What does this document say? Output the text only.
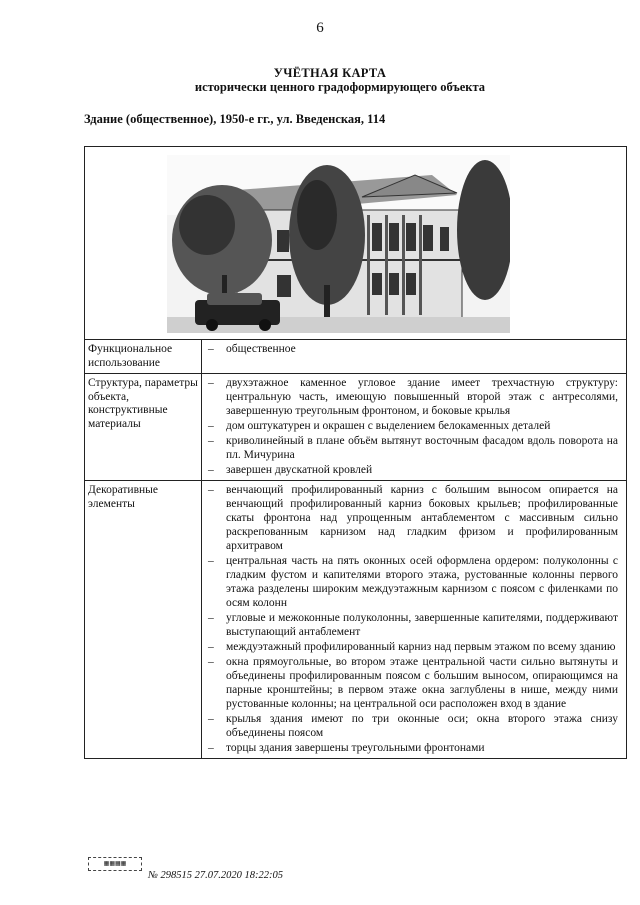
6
УЧЁТНАЯ КАРТА
исторически ценного градоформирующего объекта
Здание (общественное), 1950-е гг., ул. Введенская, 114
Функциональное использование
–	общественное
Структура, параметры объекта, конструктивные материалы
–	двухэтажное каменное угловое здание имеет трехчастную структуру: центральную часть, имеющую повышенный второй этаж с антресолями, завершенную треугольным фронтоном, и боковые крылья
–	дом оштукатурен и окрашен с выделением белокаменных деталей
–	криволинейный в плане объём вытянут восточным фасадом вдоль поворота на пл. Мичурина
–	завершен двускатной кровлей
Декоративные элементы
–	венчающий профилированный карниз с большим выносом опирается на венчающий профилированный карниз боковых крыльев; профилированные скаты фронтона над упрощенным антаблементом с массивным сильно раскрепованным карнизом над гладким фризом и профилированным архитравом
–	центральная часть на пять оконных осей оформлена ордером: полуколонны с гладким фустом и капителями второго этажа, рустованные колонны первого этажа разделены широким междуэтажным карнизом с поясом с филенками по осям колонн
–	угловые и межоконные полуколонны, завершенные капителями, поддерживают выступающий антаблемент
–	междуэтажный профилированный карниз над первым этажом по всему зданию
–	окна прямоугольные, во втором этаже центральной части сильно вытянуты и объединены профилированным поясом с большим выносом, опирающимся на парные кронштейны; в первом этаже окна заглублены в нише, между ними рустованные колонны; на центральной оси расположен вход в здание
–	крылья здания имеют по три оконные оси; окна второго этажа снизу объединены поясом
–	торцы здания завершены треугольными фронтонами
▦▦▦▦
№ 298515 27.07.2020 18:22:05
